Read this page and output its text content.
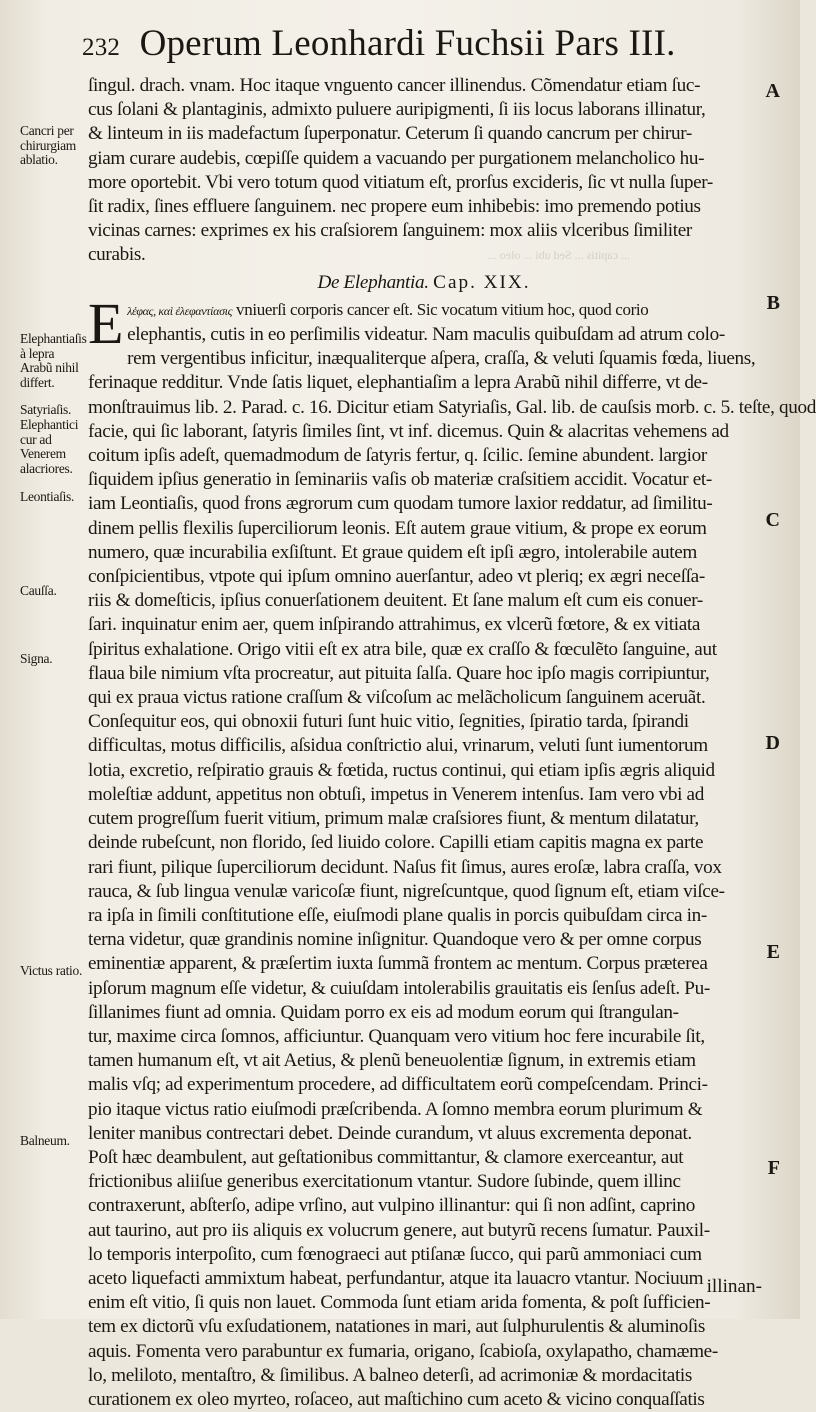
... capitis ... Sed ubi ... oleo ...
232 Operum Leonhardi Fuchsii Pars III.
Cancri per chirurgiam ablatio.
Elephantiaſis à lepra Arabũ nihil differt.
Satyriaſis.
Elephantici cur ad Venerem alacriores.
Leontiaſis.
Cauſſa.
Signa.
Victus ratio.
Balneum.
A
B
C
D
E
F
ſingul. drach. vnam. Hoc itaque vnguento cancer illinendus. Cõmendatur etiam ſuc-
cus ſolani & plantaginis, admixto puluere auripigmenti, ſi iis locus laborans illinatur,
& linteum in iis madefactum ſuperponatur. Ceterum ſi quando cancrum per chirur-
giam curare audebis, cœpiſſe quidem a vacuando per purgationem melancholico hu-
more oportebit. Vbi vero totum quod vitiatum eſt, prorſus excideris, ſic vt nulla ſuper-
ſit radix, ſines effluere ſanguinem. nec propere eum inhibebis: imo premendo potius
vicinas carnes: exprimes ex his craſsiorem ſanguinem: mox aliis vlceribus ſimiliter
curabis.
De Elephantia. Cap. XIX.
E λέφας, καὶ ἐλεφαντίασις vniuerſi corporis cancer eſt. Sic vocatum vitium hoc, quod corio
elephantis, cutis in eo perſimilis videatur. Nam maculis quibuſdam ad atrum colo-
rem vergentibus inficitur, inæqualiterque aſpera, craſſa, & veluti ſquamis fœda, liuens,
ferinaque redditur. Vnde ſatis liquet, elephantiaſim a lepra Arabũ nihil differre, vt de-
monſtrauimus lib. 2. Parad. c. 16. Dicitur etiam Satyriaſis, Gal. lib. de cauſsis morb. c. 5. teſte, quod
facie, qui ſic laborant, ſatyris ſimiles ſint, vt inf. dicemus. Quin & alacritas vehemens ad
coitum ipſis adeſt, quemadmodum de ſatyris fertur, q. ſcilic. ſemine abundent. largior
ſiquidem ipſius generatio in ſeminariis vaſis ob materiæ craſsitiem accidit. Vocatur et-
iam Leontiaſis, quod frons ægrorum cum quodam tumore laxior reddatur, ad ſimilitu-
dinem pellis flexilis ſuperciliorum leonis. Eſt autem graue vitium, & prope ex eorum
numero, quæ incurabilia exſiſtunt. Et graue quidem eſt ipſi ægro, intolerabile autem
conſpicientibus, vtpote qui ipſum omnino auerſantur, adeo vt pleriq; ex ægri neceſſa-
riis & domeſticis, ipſius conuerſationem deuitent. Et ſane malum eſt cum eis conuer-
ſari. inquinatur enim aer, quem inſpirando attrahimus, ex vlcerũ fœtore, & ex vitiata
ſpiritus exhalatione. Origo vitii eſt ex atra bile, quæ ex craſſo & fœculẽto ſanguine, aut
flaua bile nimium vſta procreatur, aut pituita ſalſa. Quare hoc ipſo magis corripiuntur,
qui ex praua victus ratione craſſum & viſcoſum ac melãcholicum ſanguinem aceruãt.
Conſequitur eos, qui obnoxii futuri ſunt huic vitio, ſegnities, ſpiratio tarda, ſpirandi
difficultas, motus difficilis, aſsidua conſtrictio alui, vrinarum, veluti ſunt iumentorum
lotia, excretio, reſpiratio grauis & fœtida, ructus continui, qui etiam ipſis ægris aliquid
moleſtiæ addunt, appetitus non obtuſi, impetus in Venerem intenſus. Iam vero vbi ad
cutem progreſſum fuerit vitium, primum malæ craſsiores fiunt, & mentum dilatatur,
deinde rubeſcunt, non florido, ſed liuido colore. Capilli etiam capitis magna ex parte
rari fiunt, pilique ſuperciliorum decidunt. Naſus fit ſimus, aures eroſæ, labra craſſa, vox
rauca, & ſub lingua venulæ varicoſæ fiunt, nigreſcuntque, quod ſignum eſt, etiam viſce-
ra ipſa in ſimili conſtitutione eſſe, eiuſmodi plane qualis in porcis quibuſdam circa in-
terna videtur, quæ grandinis nomine inſignitur. Quandoque vero & per omne corpus
eminentiæ apparent, & præſertim iuxta ſummã frontem ac mentum. Corpus præterea
ipſorum magnum eſſe videtur, & cuiuſdam intolerabilis grauitatis eis ſenſus adeſt. Pu-
ſillanimes fiunt ad omnia. Quidam porro ex eis ad modum eorum qui ſtrangulan-
tur, maxime circa ſomnos, afficiuntur. Quanquam vero vitium hoc fere incurabile ſit,
tamen humanum eſt, vt ait Aetius, & plenũ beneuolentiæ ſignum, in extremis etiam
malis vſq; ad experimentum procedere, ad difficultatem eorũ compeſcendam. Princi-
pio itaque victus ratio eiuſmodi præſcribenda. A ſomno membra eorum plurimum &
leniter manibus contrectari debet. Deinde curandum, vt aluus excrementa deponat.
Poſt hæc deambulent, aut geſtationibus committantur, & clamore exerceantur, aut
frictionibus aliiſue generibus exercitationum vtantur. Sudore ſubinde, quem illinc
contraxerunt, abſterſo, adipe vrſino, aut vulpino illinantur: qui ſi non adſint, caprino
aut taurino, aut pro iis aliquis ex volucrum genere, aut butyrũ recens ſumatur. Pauxil-
lo temporis interpoſito, cum fœnograeci aut ptiſanæ ſucco, qui parũ ammoniaci cum
aceto liquefacti ammixtum habeat, perfundantur, atque ita lauacro vtantur. Nociuum
enim eſt vitio, ſi quis non lauet. Commoda ſunt etiam arida fomenta, & poſt ſufficien-
tem ex dictorũ vſu exſudationem, natationes in mari, aut ſulphurulentis & aluminoſis
aquis. Fomenta vero parabuntur ex fumaria, origano, ſcabioſa, oxylapatho, chamæme-
lo, meliloto, mentaſtro, & ſimilibus. A balneo deterſi, ad acrimoniæ & mordacitatis
curationem ex oleo myrteo, roſaceo, aut maſtichino cum aceto & vicino conquaſſatis
illinan-
